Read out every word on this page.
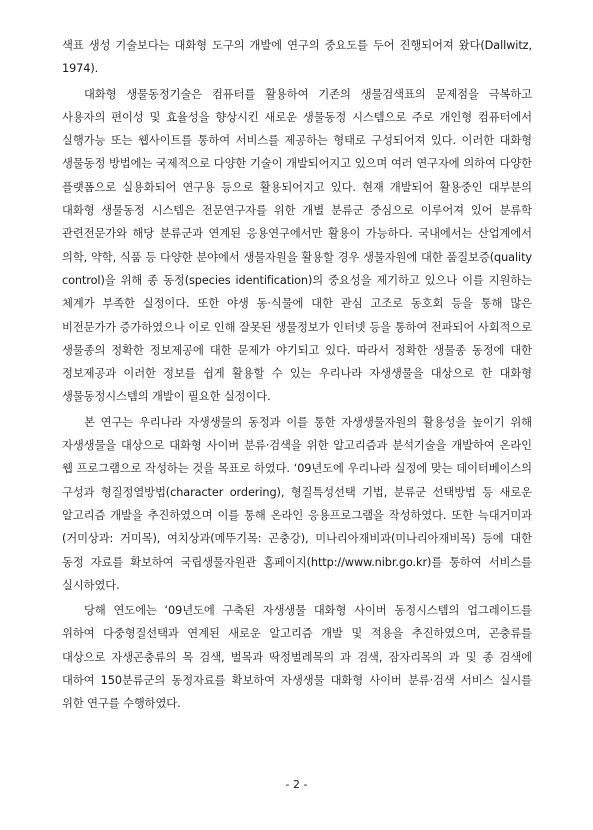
색표 생성 기술보다는 대화형 도구의 개발에 연구의 중요도를 두어 진행되어져 왔다(Dallwitz, 1974).

대화형 생물동정기술은 컴퓨터를 활용하여 기존의 생물검색표의 문제점을 극복하고 사용자의 편이성 및 효율성을 향상시킨 새로운 생물동정 시스템으로 주로 개인형 컴퓨터에서 실행가능 또는 웹사이트를 통하여 서비스를 제공하는 형태로 구성되어져 있다. 이러한 대화형 생물동정 방법에는 국제적으로 다양한 기술이 개발되어지고 있으며 여러 연구자에 의하여 다양한 플랫폼으로 실용화되어 연구용 등으로 활용되어지고 있다. 현재 개발되어 활용중인 대부분의 대화형 생물동정 시스템은 전문연구자를 위한 개별 분류군 중심으로 이루어져 있어 분류학 관련전문가와 해당 분류군과 연계된 응용연구에서만 활용이 가능하다. 국내에서는 산업계에서 의학, 약학, 식품 등 다양한 분야에서 생물자원을 활용할 경우 생물자원에 대한 품질보증(quality control)을 위해 종 동정(species identification)의 중요성을 제기하고 있으나 이를 지원하는 체계가 부족한 실정이다. 또한 야생 동·식물에 대한 관심 고조로 동호회 등을 통해 많은 비전문가가 증가하였으나 이로 인해 잘못된 생물정보가 인터넷 등을 통하여 전파되어 사회적으로 생물종의 정확한 정보제공에 대한 문제가 야기되고 있다. 따라서 정확한 생물종 동정에 대한 정보제공과 이러한 정보를 쉽게 활용할 수 있는 우리나라 자생생물을 대상으로 한 대화형 생물동정시스템의 개발이 필요한 실정이다.

본 연구는 우리나라 자생생물의 동정과 이를 통한 자생생물자원의 활용성을 높이기 위해 자생생물을 대상으로 대화형 사이버 분류·검색을 위한 알고리즘과 분석기술을 개발하여 온라인 웹 프로그램으로 작성하는 것을 목표로 하였다. ‘09년도에 우리나라 실정에 맞는 데이터베이스의 구성과 형질정열방법(character ordering), 형질특성선택 기법, 분류군 선택방법 등 새로운 알고리즘 개발을 추진하였으며 이를 통해 온라인 응용프로그램을 작성하였다. 또한 늑대거미과(거미상과: 거미목), 여치상과(메뚜기목: 곤충강), 미나리아재비과(미나리아재비목) 등에 대한 동정 자료를 확보하여 국립생물자원관 홈페이지(http://www.nibr.go.kr)를 통하여 서비스를 실시하였다.

당해 연도에는 ‘09년도에 구축된 자생생물 대화형 사이버 동정시스템의 업그레이드를 위하여 다중형질선택과 연계된 새로운 알고리즘 개발 및 적용을 추진하였으며, 곤충류를 대상으로 자생곤충류의 목 검색, 벌목과 딱정벌레목의 과 검색, 잠자리목의 과 및 종 검색에 대하여 150분류군의 동정자료를 확보하여 자생생물 대화형 사이버 분류·검색 서비스 실시를 위한 연구를 수행하였다.

- 2 -
